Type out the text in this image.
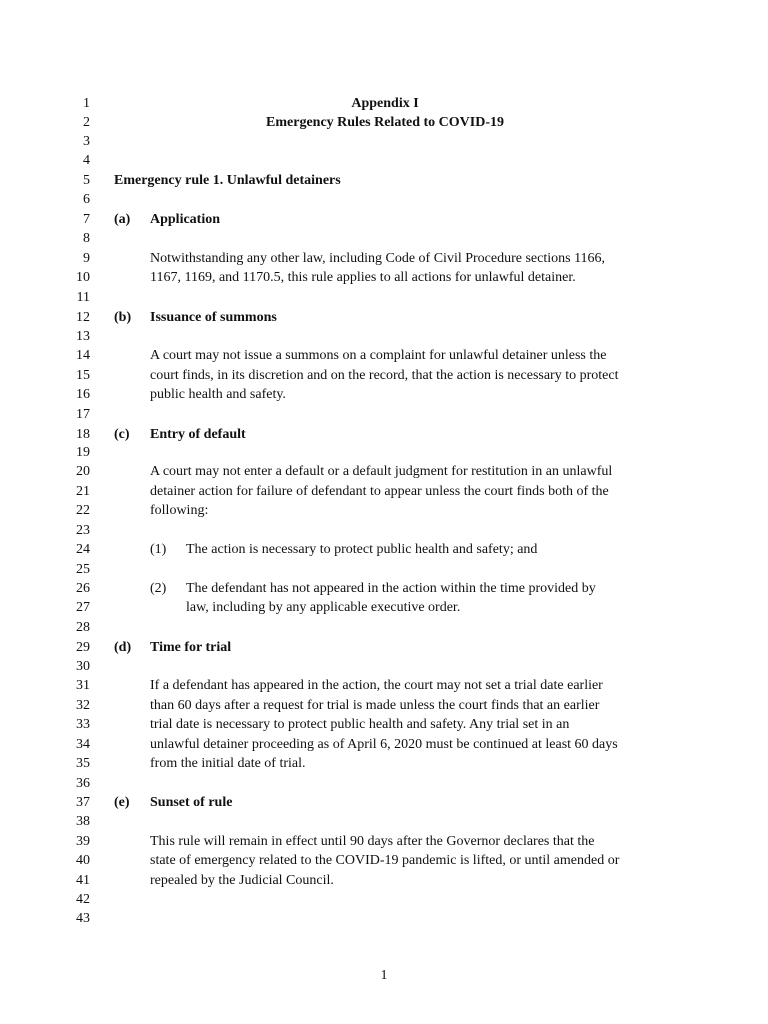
1
2
3
4
5
6
7
8
9
10
11
12
13
14
15
16
17
18
19
20
21
22
23
24
25
26
27
28
29
30
31
32
33
34
35
36
37
38
39
40
41
42
43
Appendix I
Emergency Rules Related to COVID-19
Emergency rule 1. Unlawful detainers
(a) Application
Notwithstanding any other law, including Code of Civil Procedure sections 1166,
1167, 1169, and 1170.5, this rule applies to all actions for unlawful detainer.
(b) Issuance of summons
A court may not issue a summons on a complaint for unlawful detainer unless the
court finds, in its discretion and on the record, that the action is necessary to protect
public health and safety.
(c) Entry of default
A court may not enter a default or a default judgment for restitution in an unlawful
detainer action for failure of defendant to appear unless the court finds both of the
following:
(1) The action is necessary to protect public health and safety; and
(2) The defendant has not appeared in the action within the time provided by
law, including by any applicable executive order.
(d) Time for trial
If a defendant has appeared in the action, the court may not set a trial date earlier
than 60 days after a request for trial is made unless the court finds that an earlier
trial date is necessary to protect public health and safety. Any trial set in an
unlawful detainer proceeding as of April 6, 2020 must be continued at least 60 days
from the initial date of trial.
(e) Sunset of rule
This rule will remain in effect until 90 days after the Governor declares that the
state of emergency related to the COVID-19 pandemic is lifted, or until amended or
repealed by the Judicial Council.
1
